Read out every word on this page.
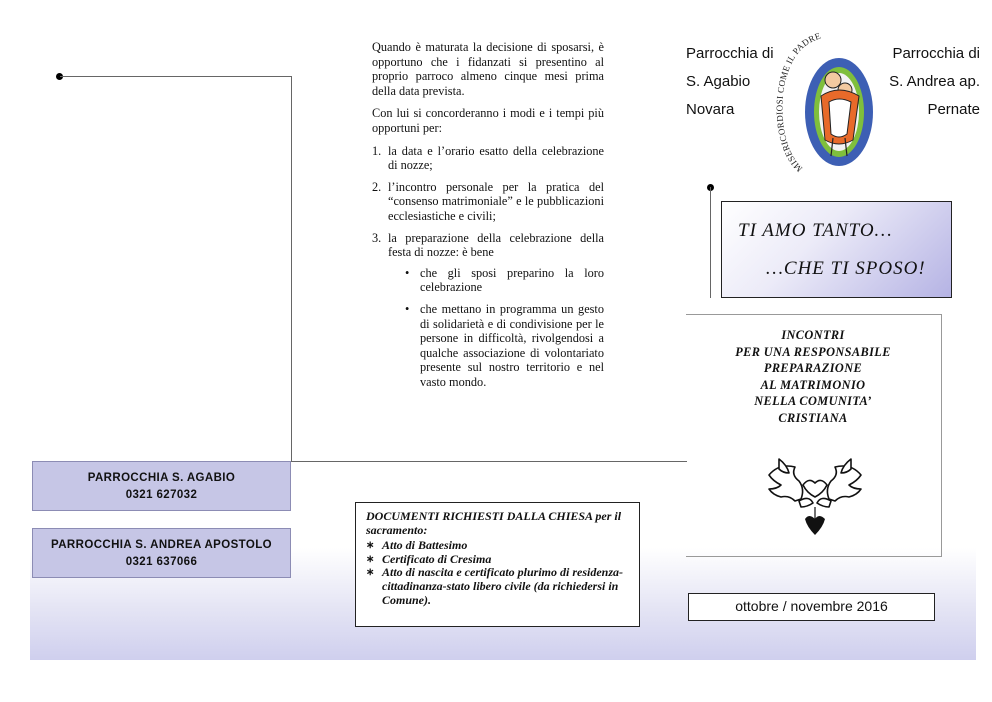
Quando è maturata la decisione di sposarsi, è opportuno che i fidanzati si presentino al proprio parroco almeno cinque mesi prima della data prevista.

Con lui si concorderanno i modi e i tempi più opportuni per:

1. la data e l’orario esatto della celebrazione di nozze;
2. l’incontro personale per la pratica del “consenso matrimoniale” e le pubblicazioni ecclesiastiche e civili;
3. la preparazione della celebrazione della festa di nozze: è bene
• che gli sposi preparino la loro celebrazione
• che mettano in programma un gesto di solidarietà e di condivisione per le persone in difficoltà, rivolgendosi a qualche associazione di volontariato presente sul nostro territorio e nel vasto mondo.
PARROCCHIA S. AGABIO
0321 627032
PARROCCHIA S. ANDREA APOSTOLO
0321 637066
DOCUMENTI RICHIESTI DALLA CHIESA per il sacramento:
∗ Atto di Battesimo
∗ Certificato di Cresima
∗ Atto di nascita e certificato plurimo di residenza-cittadinanza-stato libero civile (da richiedersi in Comune).
Parrocchia di
S. Agabio
Novara
Parrocchia di
S. Andrea ap.
Pernate
MISERICORDIOSI COME IL PADRE
TI AMO TANTO…
…CHE TI SPOSO!
INCONTRI
PER UNA RESPONSABILE
PREPARAZIONE
AL MATRIMONIO
NELLA COMUNITA’
CRISTIANA
ottobre / novembre 2016
